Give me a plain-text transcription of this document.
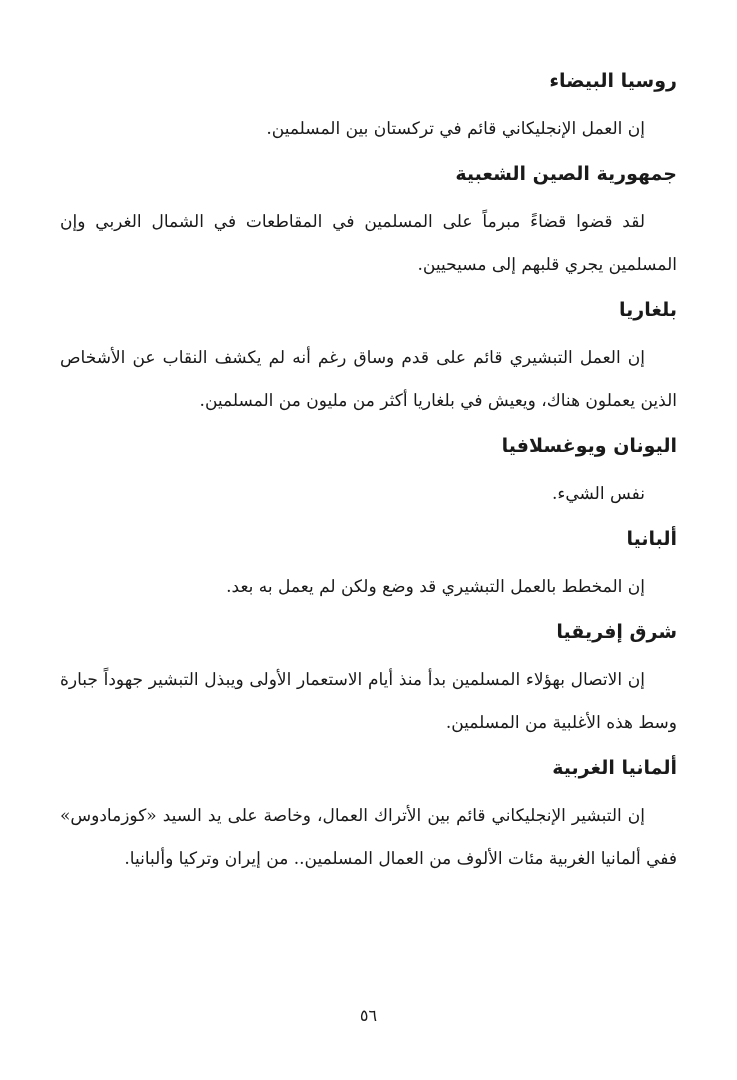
روسيا البيضاء

إن العمل الإنجليكاني قائم في تركستان بين المسلمين.

جمهورية الصين الشعبية

لقد قضوا قضاءً مبرماً على المسلمين في المقاطعات في الشمال الغربي وإن المسلمين يجري قلبهم إلى مسيحيين.

بلغاريا

إن العمل التبشيري قائم على قدم وساق رغم أنه لم يكشف النقاب عن الأشخاص الذين يعملون هناك، ويعيش في بلغاريا أكثر من مليون من المسلمين.

اليونان ويوغسلافيا

نفس الشيء.

ألبانيا

إن المخطط بالعمل التبشيري قد وضع ولكن لم يعمل به بعد.

شرق إفريقيا

إن الاتصال بهؤلاء المسلمين بدأ منذ أيام الاستعمار الأولى ويبذل التبشير جهوداً جبارة وسط هذه الأغلبية من المسلمين.

ألمانيا الغربية

إن التبشير الإنجليكاني قائم بين الأتراك العمال، وخاصة على يد السيد «كوزمادوس» ففي ألمانيا الغربية مئات الألوف من العمال المسلمين.. من إيران وتركيا وألبانيا.

٥٦
